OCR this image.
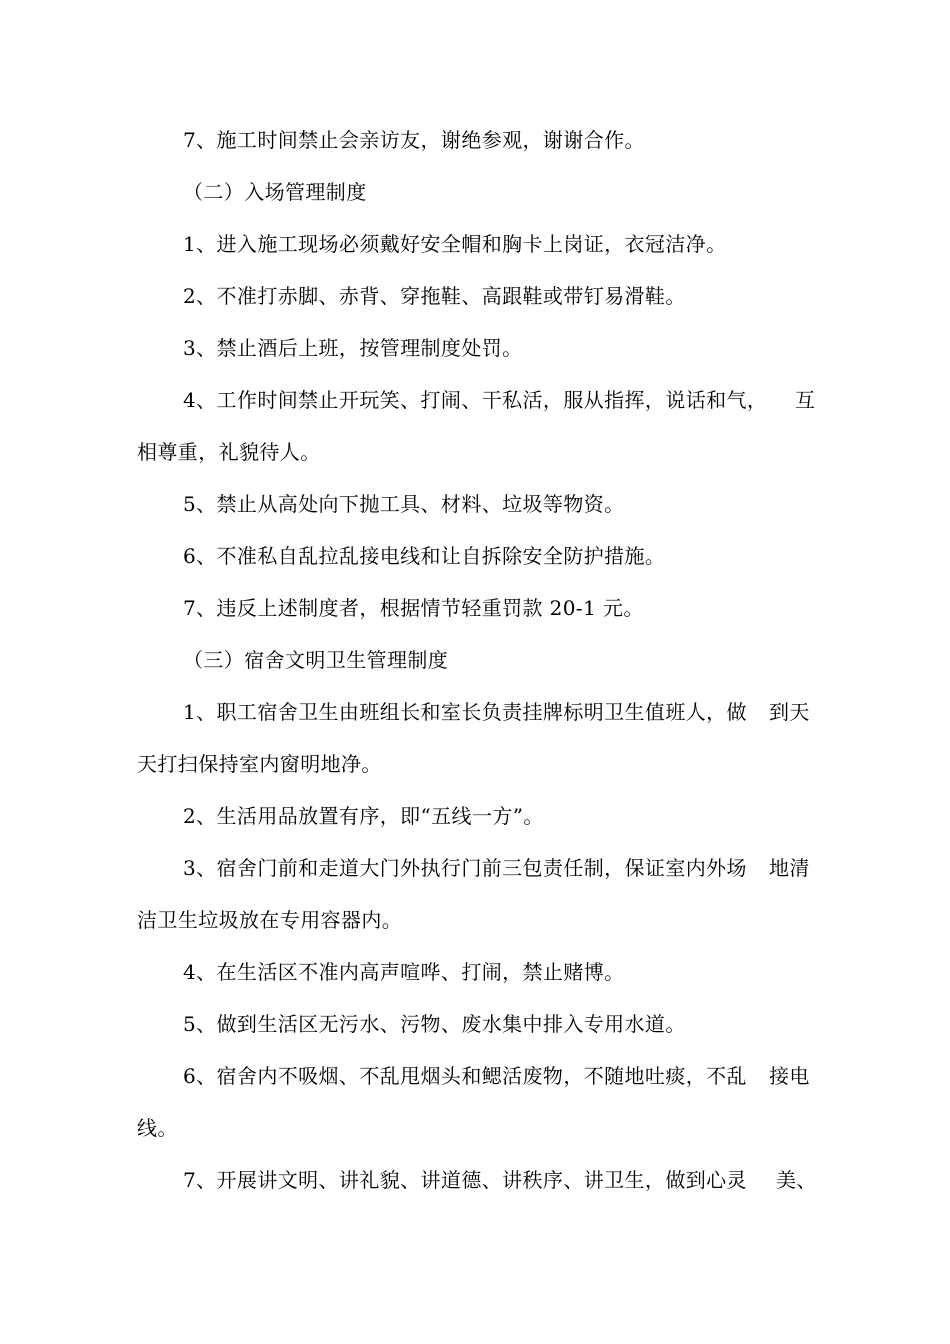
7、施工时间禁止会亲访友，谢绝参观，谢谢合作。
（二）入场管理制度
1、进入施工现场必须戴好安全帽和胸卡上岗证，衣冠洁净。
2、不准打赤脚、赤背、穿拖鞋、高跟鞋或带钉易滑鞋。
3、禁止酒后上班，按管理制度处罚。
4、工作时间禁止开玩笑、打闹、干私活，服从指挥，说话和气， 互
相尊重，礼貌待人。
5、禁止从高处向下抛工具、材料、垃圾等物资。
6、不准私自乱拉乱接电线和让自拆除安全防护措施。
7、违反上述制度者，根据情节轻重罚款 20-1 元。
（三）宿舍文明卫生管理制度
1、职工宿舍卫生由班组长和室长负责挂牌标明卫生值班人，做 到天
天打扫保持室内窗明地净。
2、生活用品放置有序，即“五线一方”。
3、宿舍门前和走道大门外执行门前三包责任制，保证室内外场 地清
洁卫生垃圾放在专用容器内。
4、在生活区不准内高声喧哗、打闹，禁止赌博。
5、做到生活区无污水、污物、废水集中排入专用水道。
6、宿舍内不吸烟、不乱甩烟头和鳃活废物，不随地吐痰，不乱 接电
线。
7、开展讲文明、讲礼貌、讲道德、讲秩序、讲卫生，做到心灵 美、
